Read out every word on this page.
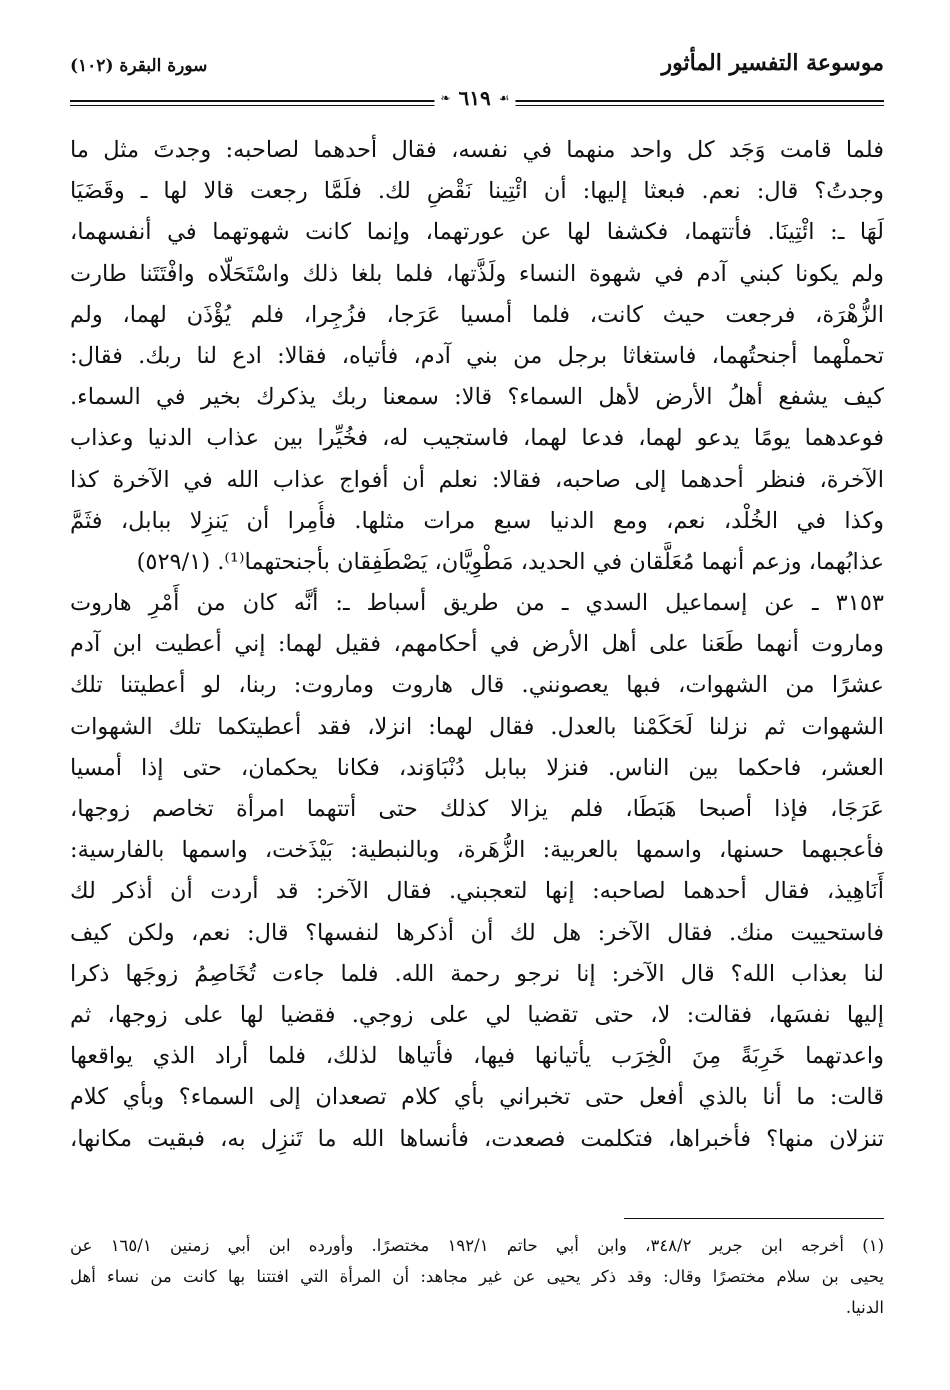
موسوعة التفسير المأثور
سورة البقرة (١٠٢)
❧ ٦١٩ ☙
فلما قامت وَجَد كل واحد منهما في نفسه، فقال أحدهما لصاحبه: وجدتَ مثل ما
وجدتُ؟ قال: نعم. فبعثا إليها: أن ائْتِينا نَقْضِ لك. فلَمَّا رجعت قالا لها ـ وقَضَيَا
لَهَا ـ: ائْتِينَا. فأتتهما، فكشفا لها عن عورتهما، وإنما كانت شهوتهما في أنفسهما،
ولم يكونا كبني آدم في شهوة النساء ولَذَّتها، فلما بلغا ذلك واسْتَحَلّاه وافْتَتَنا طارت
الزُّهْرَة، فرجعت حيث كانت، فلما أمسيا عَرَجا، فزُجِرا، فلم يُؤْذَن لهما، ولم
تحملْهما أجنحتُهما، فاستغاثا برجل من بني آدم، فأتياه، فقالا: ادع لنا ربك. فقال:
كيف يشفع أهلُ الأرض لأهل السماء؟ قالا: سمعنا ربك يذكرك بخير في السماء.
فوعدهما يومًا يدعو لهما، فدعا لهما، فاستجيب له، فخُيِّرا بين عذاب الدنيا وعذاب
الآخرة، فنظر أحدهما إلى صاحبه، فقالا: نعلم أن أفواج عذاب الله في الآخرة كذا
وكذا في الخُلْد، نعم، ومع الدنيا سبع مرات مثلها. فأُمِرا أن يَنزِلا ببابل، فثَمَّ
عذابُهما، وزعم أنهما مُعَلَّقان في الحديد، مَطْوِيَّان، يَصْطَفِقان بأجنحتهما⁽¹⁾. (٥٢٩/١)
٣١٥٣ ـ عن إسماعيل السدي ـ من طريق أسباط ـ: أنَّه كان من أَمْرِ هاروت
وماروت أنهما طَعَنا على أهل الأرض في أحكامهم، فقيل لهما: إني أعطيت ابن آدم
عشرًا من الشهوات، فبها يعصونني. قال هاروت وماروت: ربنا، لو أعطيتنا تلك
الشهوات ثم نزلنا لَحَكَمْنا بالعدل. فقال لهما: انزلا، فقد أعطيتكما تلك الشهوات
العشر، فاحكما بين الناس. فنزلا ببابل دُنْبَاوَند، فكانا يحكمان، حتى إذا أمسيا
عَرَجَا، فإذا أصبحا هَبَطَا، فلم يزالا كذلك حتى أتتهما امرأة تخاصم زوجها،
فأعجبهما حسنها، واسمها بالعربية: الزُّهَرة، وبالنبطية: بَيْذَخت، واسمها بالفارسية:
أَنَاهِيذ، فقال أحدهما لصاحبه: إنها لتعجبني. فقال الآخر: قد أردت أن أذكر لك
فاستحييت منك. فقال الآخر: هل لك أن أذكرها لنفسها؟ قال: نعم، ولكن كيف
لنا بعذاب الله؟ قال الآخر: إنا نرجو رحمة الله. فلما جاءت تُخَاصِمُ زوجَها ذكرا
إليها نفسَها، فقالت: لا، حتى تقضيا لي على زوجي. فقضيا لها على زوجها، ثم
واعدتهما خَرِبَةً مِنَ الْخِرَب يأتيانها فيها، فأتياها لذلك، فلما أراد الذي يواقعها
قالت: ما أنا بالذي أفعل حتى تخبراني بأي كلام تصعدان إلى السماء؟ وبأي كلام
تنزلان منها؟ فأخبراها، فتكلمت فصعدت، فأنساها الله ما تَنزِل به، فبقيت مكانها،
(١) أخرجه ابن جرير ٣٤٨/٢، وابن أبي حاتم ١٩٢/١ مختصرًا. وأورده ابن أبي زمنين ١٦٥/١ عن
يحيى بن سلام مختصرًا وقال: وقد ذكر يحيى عن غير مجاهد: أن المرأة التي افتتنا بها كانت من نساء أهل
الدنيا.
